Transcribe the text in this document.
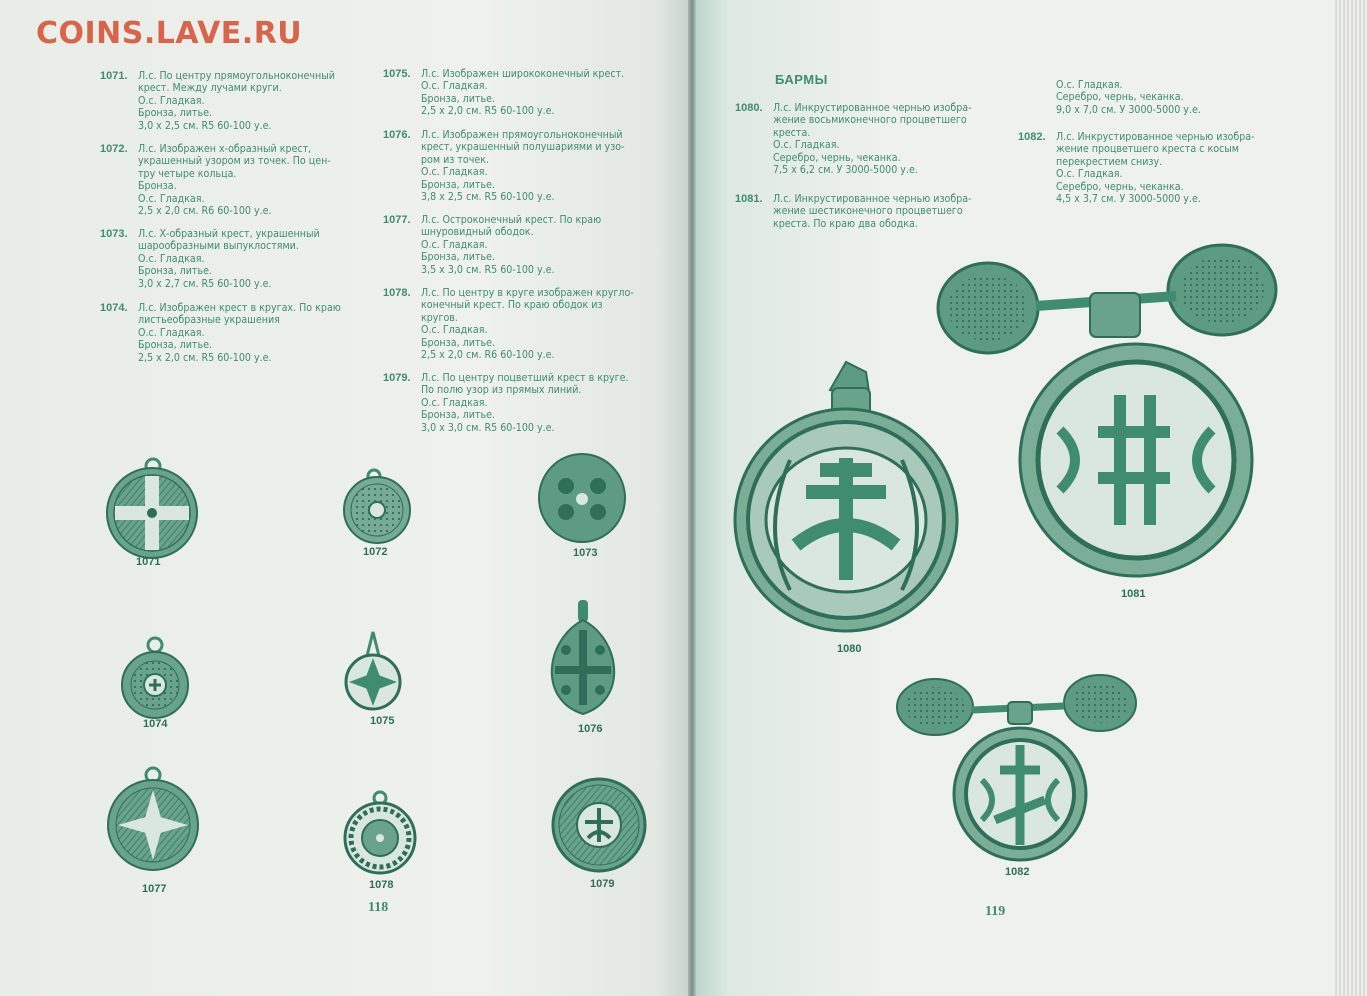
COINS.LAVE.RU
1071. Л.с. По центру прямоугольноконечный
крест. Между лучами круги.
О.с. Гладкая.
Бронза, литье.
3,0 х 2,5 см. R5 60-100 у.е.
1072. Л.с. Изображен х-образный крест,
украшенный узором из точек. По цен-
тру четыре кольца.
Бронза.
О.с. Гладкая.
2,5 х 2,0 см. R6 60-100 у.е.
1073. Л.с. Х-образный крест, украшенный
шарообразными выпуклостями.
О.с. Гладкая.
Бронза, литье.
3,0 х 2,7 см. R5 60-100 у.е.
1074. Л.с. Изображен крест в кругах. По краю
листьеобразные украшения
О.с. Гладкая.
Бронза, литье.
2,5 х 2,0 см. R5 60-100 у.е.
1075. Л.с. Изображен ширококонечный крест.
О.с. Гладкая.
Бронза, литье.
2,5 х 2,0 см. R5 60-100 у.е.
1076. Л.с. Изображен прямоугольноконечный
крест, украшенный полушариями и узо-
ром из точек.
О.с. Гладкая.
Бронза, литье.
3,8 х 2,5 см. R5 60-100 у.е.
1077. Л.с. Остроконечный крест. По краю
шнуровидный ободок.
О.с. Гладкая.
Бронза, литье.
3,5 х 3,0 см. R5 60-100 у.е.
1078. Л.с. По центру в круге изображен кругло-
конечный крест. По краю ободок из
кругов.
О.с. Гладкая.
Бронза, литье.
2,5 х 2,0 см. R6 60-100 у.е.
1079. Л.с. По центру поцветший крест в круге.
По полю узор из прямых линий.
О.с. Гладкая.
Бронза, литье.
3,0 х 3,0 см. R5 60-100 у.е.
1071
1072	1073
1074	1075
1076
1077	1078	1079
118
БАРМЫ
1080. Л.с. Инкрустированное чернью изобра-
жение восьмиконечного процветшего
креста.
О.с. Гладкая.
Серебро, чернь, чеканка.
7,5 х 6,2 см. У 3000-5000 у.е.
1081. Л.с. Инкрустированное чернью изобра-
жение шестиконечного процветшего
креста. По краю два ободка.
О.с. Гладкая.
Серебро, чернь, чеканка.
9,0 х 7,0 см. У 3000-5000 у.е.
1082. Л.с. Инкрустированное чернью изобра-
жение процветшего креста с косым
перекрестием снизу.
О.с. Гладкая.
Серебро, чернь, чеканка.
4,5 х 3,7 см. У 3000-5000 у.е.
1080
1081
1082
119
